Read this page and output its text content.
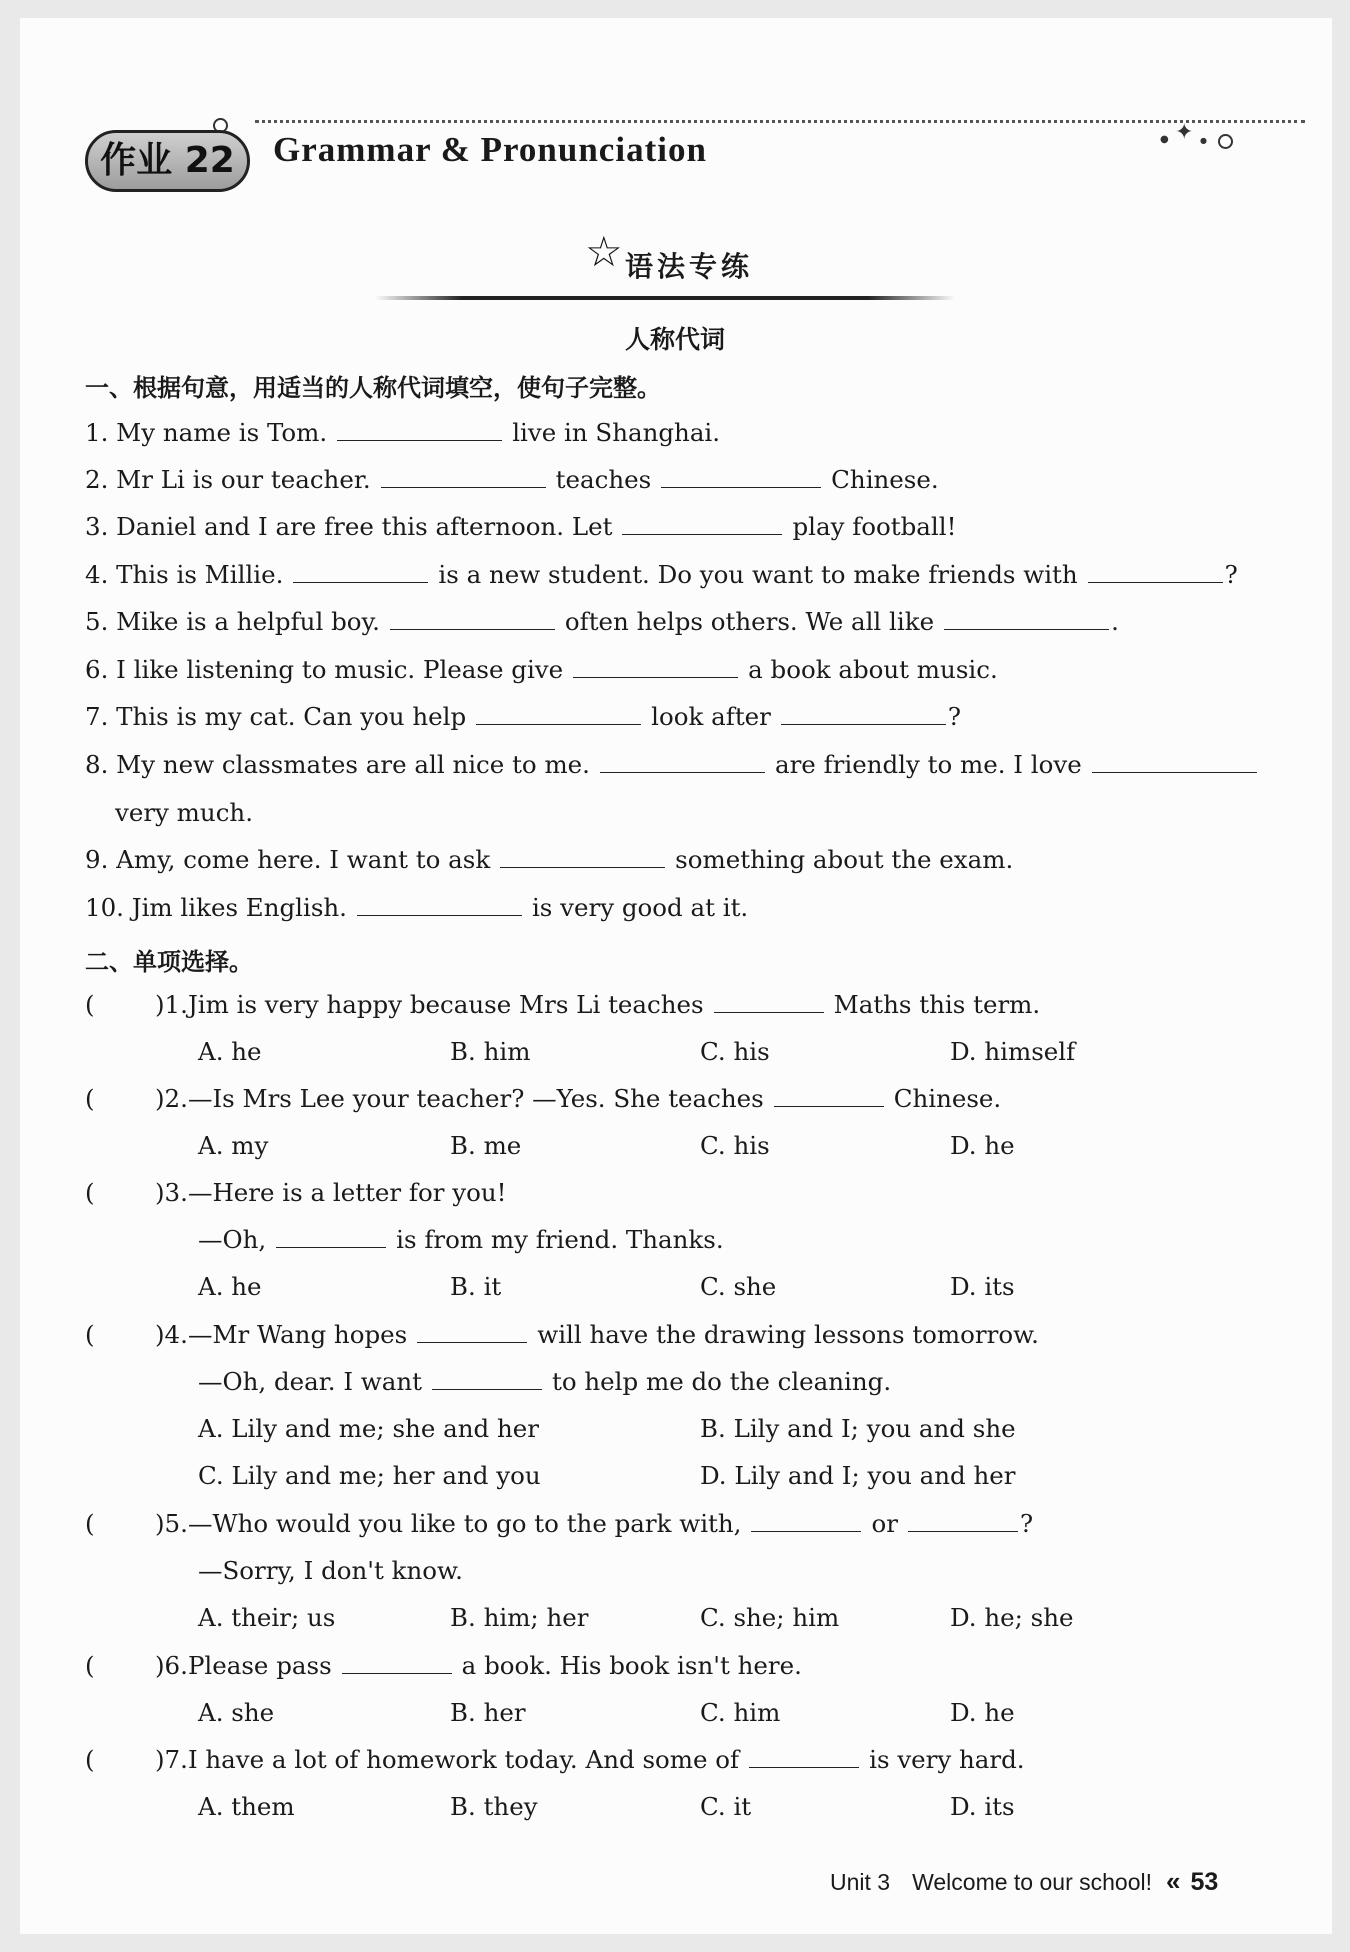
作业 22	Grammar & Pronunciation	● ✦ ●
☆
语法专练
人称代词
一、根据句意，用适当的人称代词填空，使句子完整。
1. My name is Tom.	live in Shanghai.
2. Mr Li is our teacher.	teaches	Chinese.
3. Daniel and I are free this afternoon. Let	play football!
4. This is Millie.	is a new student. Do you want to make friends with	?
5. Mike is a helpful boy.	often helps others. We all like	.
6. I like listening to music. Please give	a book about music.
7. This is my cat. Can you help	look after	?
8. My new classmates are all nice to me.	are friendly to me. I love
very much.
9. Amy, come here. I want to ask	something about the exam.
10. Jim likes English.	is very good at it.
二、单项选择。
( )1.Jim is very happy because Mrs Li teaches	Maths this term.
A. he	B. him	C. his	D. himself
( )2.—Is Mrs Lee your teacher? —Yes. She teaches	Chinese.
A. my	B. me	C. his	D. he
( )3.—Here is a letter for you!
—Oh,	is from my friend. Thanks.
A. he	B. it	C. she	D. its
( )4.—Mr Wang hopes	will have the drawing lessons tomorrow.
—Oh, dear. I want	to help me do the cleaning.
A. Lily and me; she and her	B. Lily and I; you and she
C. Lily and me; her and you	D. Lily and I; you and her
( )5.—Who would you like to go to the park with,	or	?
—Sorry, I don't know.
A. their; us	B. him; her	C. she; him	D. he; she
( )6.Please pass	a book. His book isn't here.
A. she	B. her	C. him	D. he
( )7.I have a lot of homework today. And some of	is very hard.
A. them	B. they	C. it	D. its
Unit 3 Welcome to our school! « 53
